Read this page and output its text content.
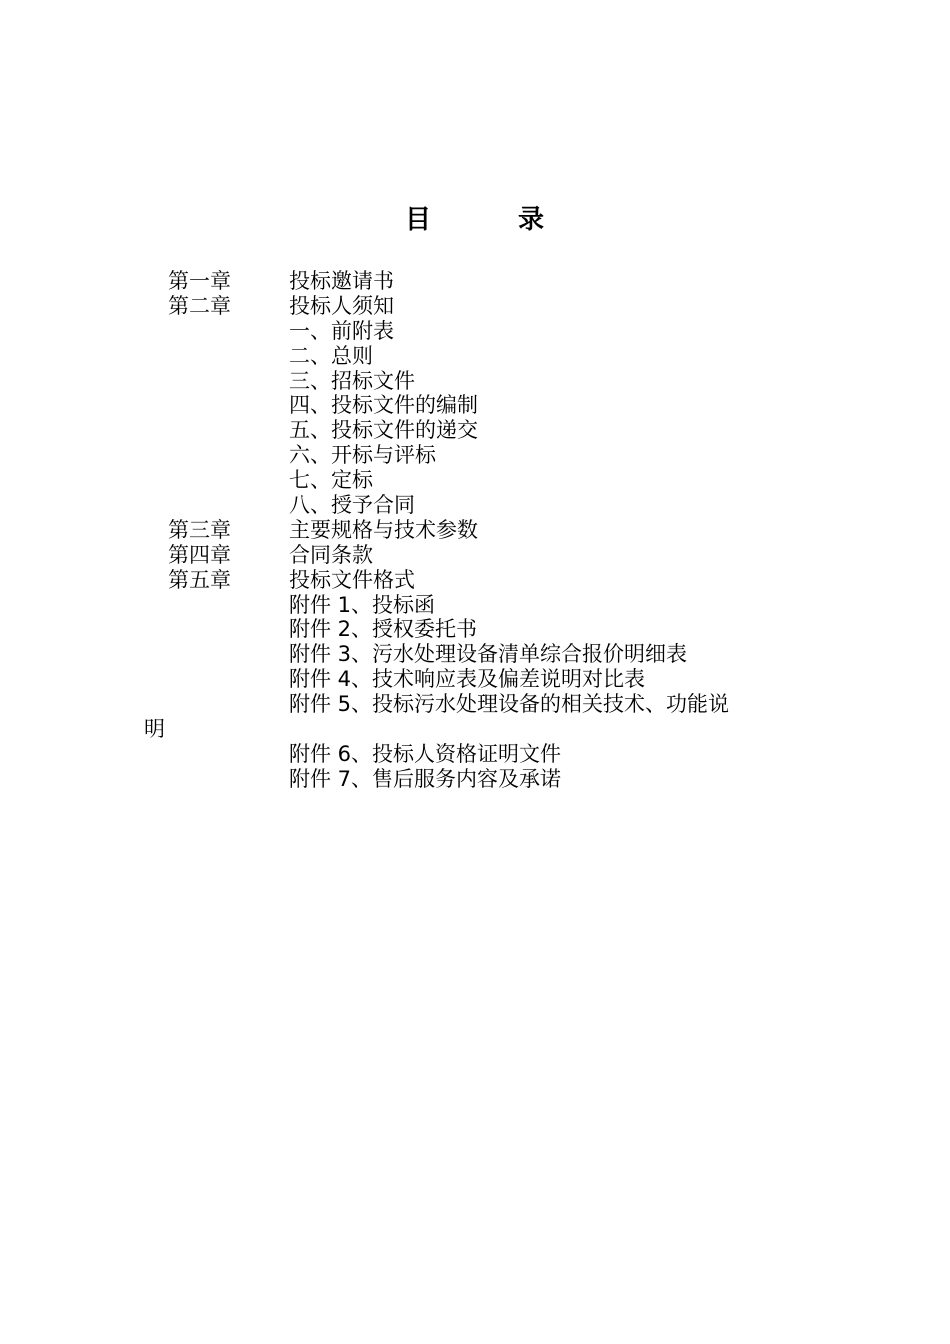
目	录
第一章	投标邀请书
第二章	投标人须知
一、前附表
二、总则
三、招标文件
四、投标文件的编制
五、投标文件的递交
六、开标与评标
七、定标
八、授予合同
第三章	主要规格与技术参数
第四章	合同条款
第五章	投标文件格式
附件 1、投标函
附件 2、授权委托书
附件 3、污水处理设备清单综合报价明细表
附件 4、技术响应表及偏差说明对比表
附件 5、投标污水处理设备的相关技术、功能说
明
附件 6、投标人资格证明文件
附件 7、售后服务内容及承诺
